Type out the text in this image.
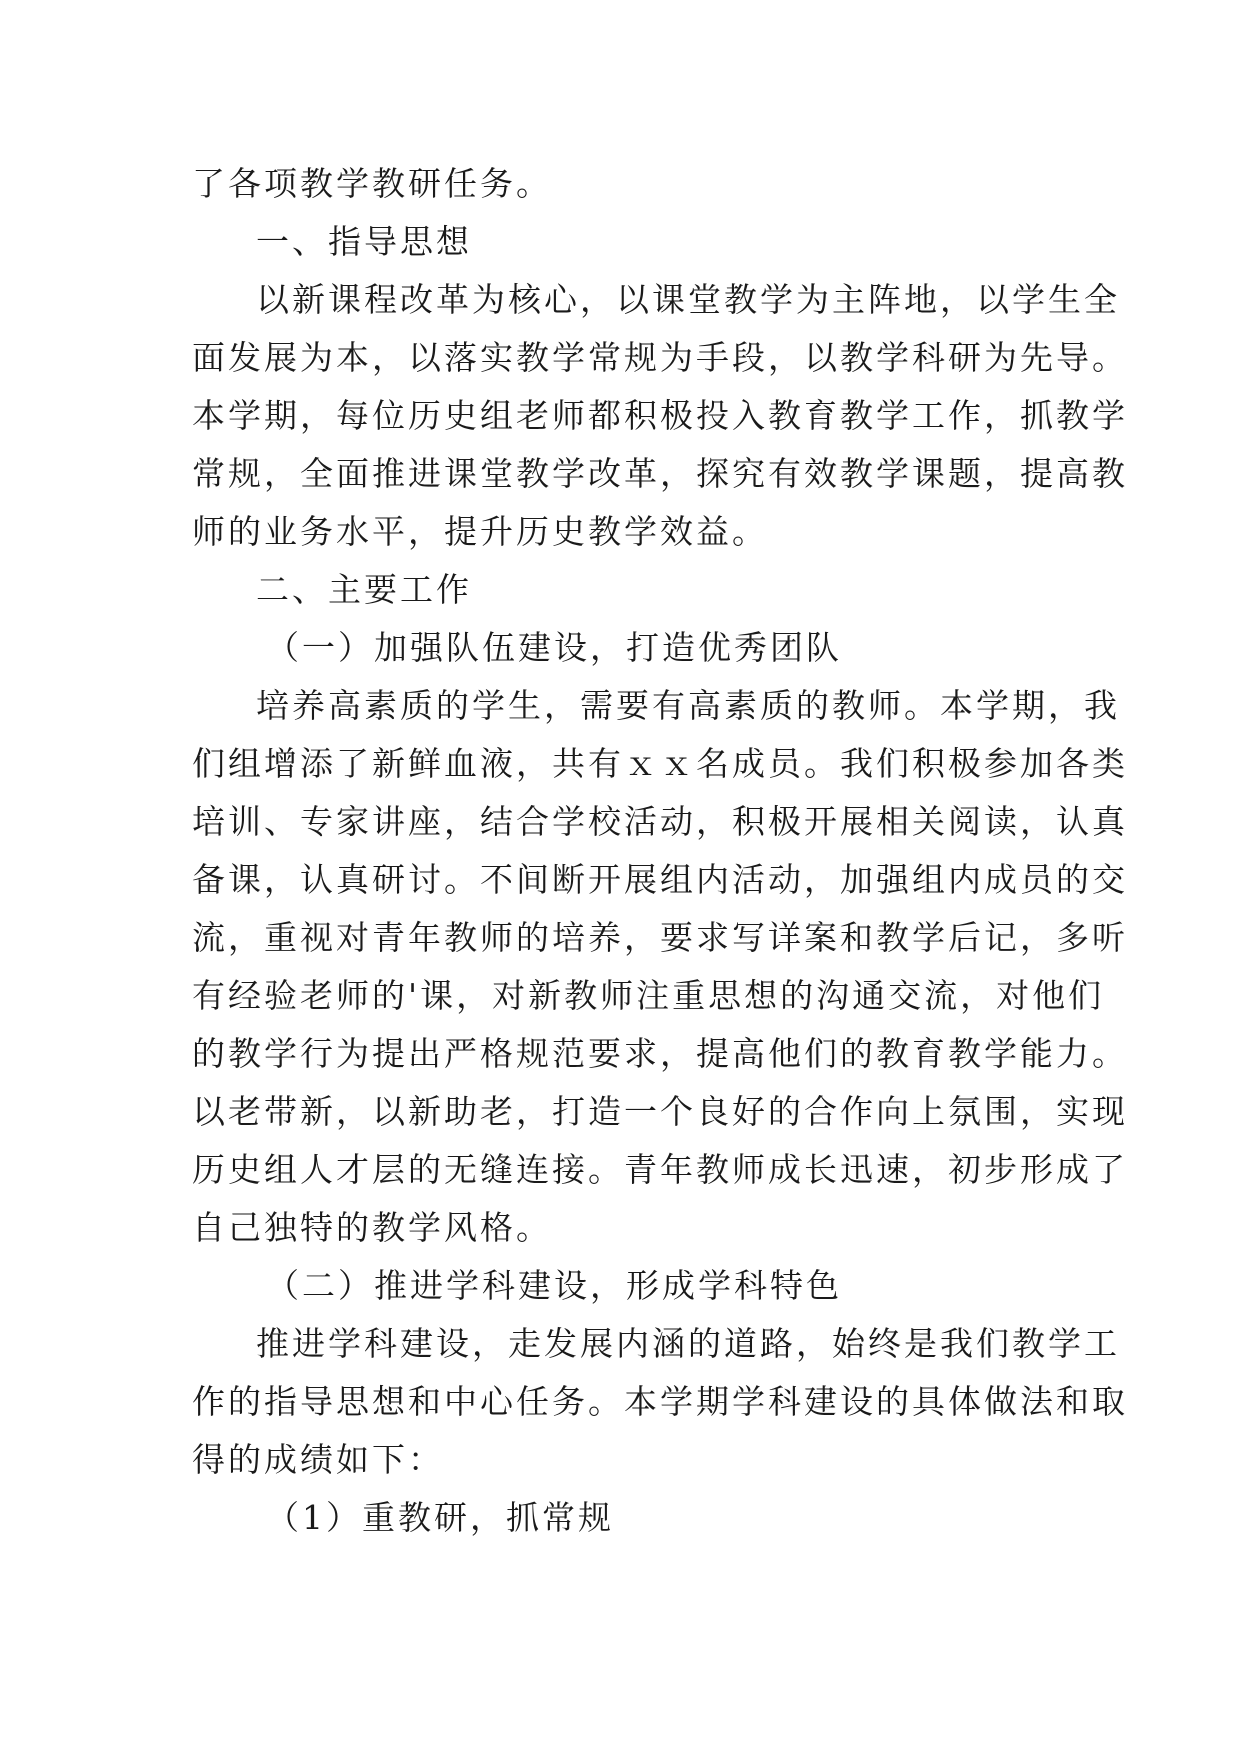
了各项教学教研任务。
一、指导思想
以新课程改革为核心，以课堂教学为主阵地，以学生全
面发展为本，以落实教学常规为手段，以教学科研为先导。
本学期，每位历史组老师都积极投入教育教学工作，抓教学
常规，全面推进课堂教学改革，探究有效教学课题，提高教
师的业务水平，提升历史教学效益。
二、主要工作
（一）加强队伍建设，打造优秀团队
培养高素质的学生，需要有高素质的教师。本学期，我
们组增添了新鲜血液，共有ｘｘ名成员。我们积极参加各类
培训、专家讲座，结合学校活动，积极开展相关阅读，认真
备课，认真研讨。不间断开展组内活动，加强组内成员的交
流，重视对青年教师的培养，要求写详案和教学后记，多听
有经验老师的'课，对新教师注重思想的沟通交流，对他们
的教学行为提出严格规范要求，提高他们的教育教学能力。
以老带新，以新助老，打造一个良好的合作向上氛围，实现
历史组人才层的无缝连接。青年教师成长迅速，初步形成了
自己独特的教学风格。
（二）推进学科建设，形成学科特色
推进学科建设，走发展内涵的道路，始终是我们教学工
作的指导思想和中心任务。本学期学科建设的具体做法和取
得的成绩如下：
（1）重教研，抓常规
